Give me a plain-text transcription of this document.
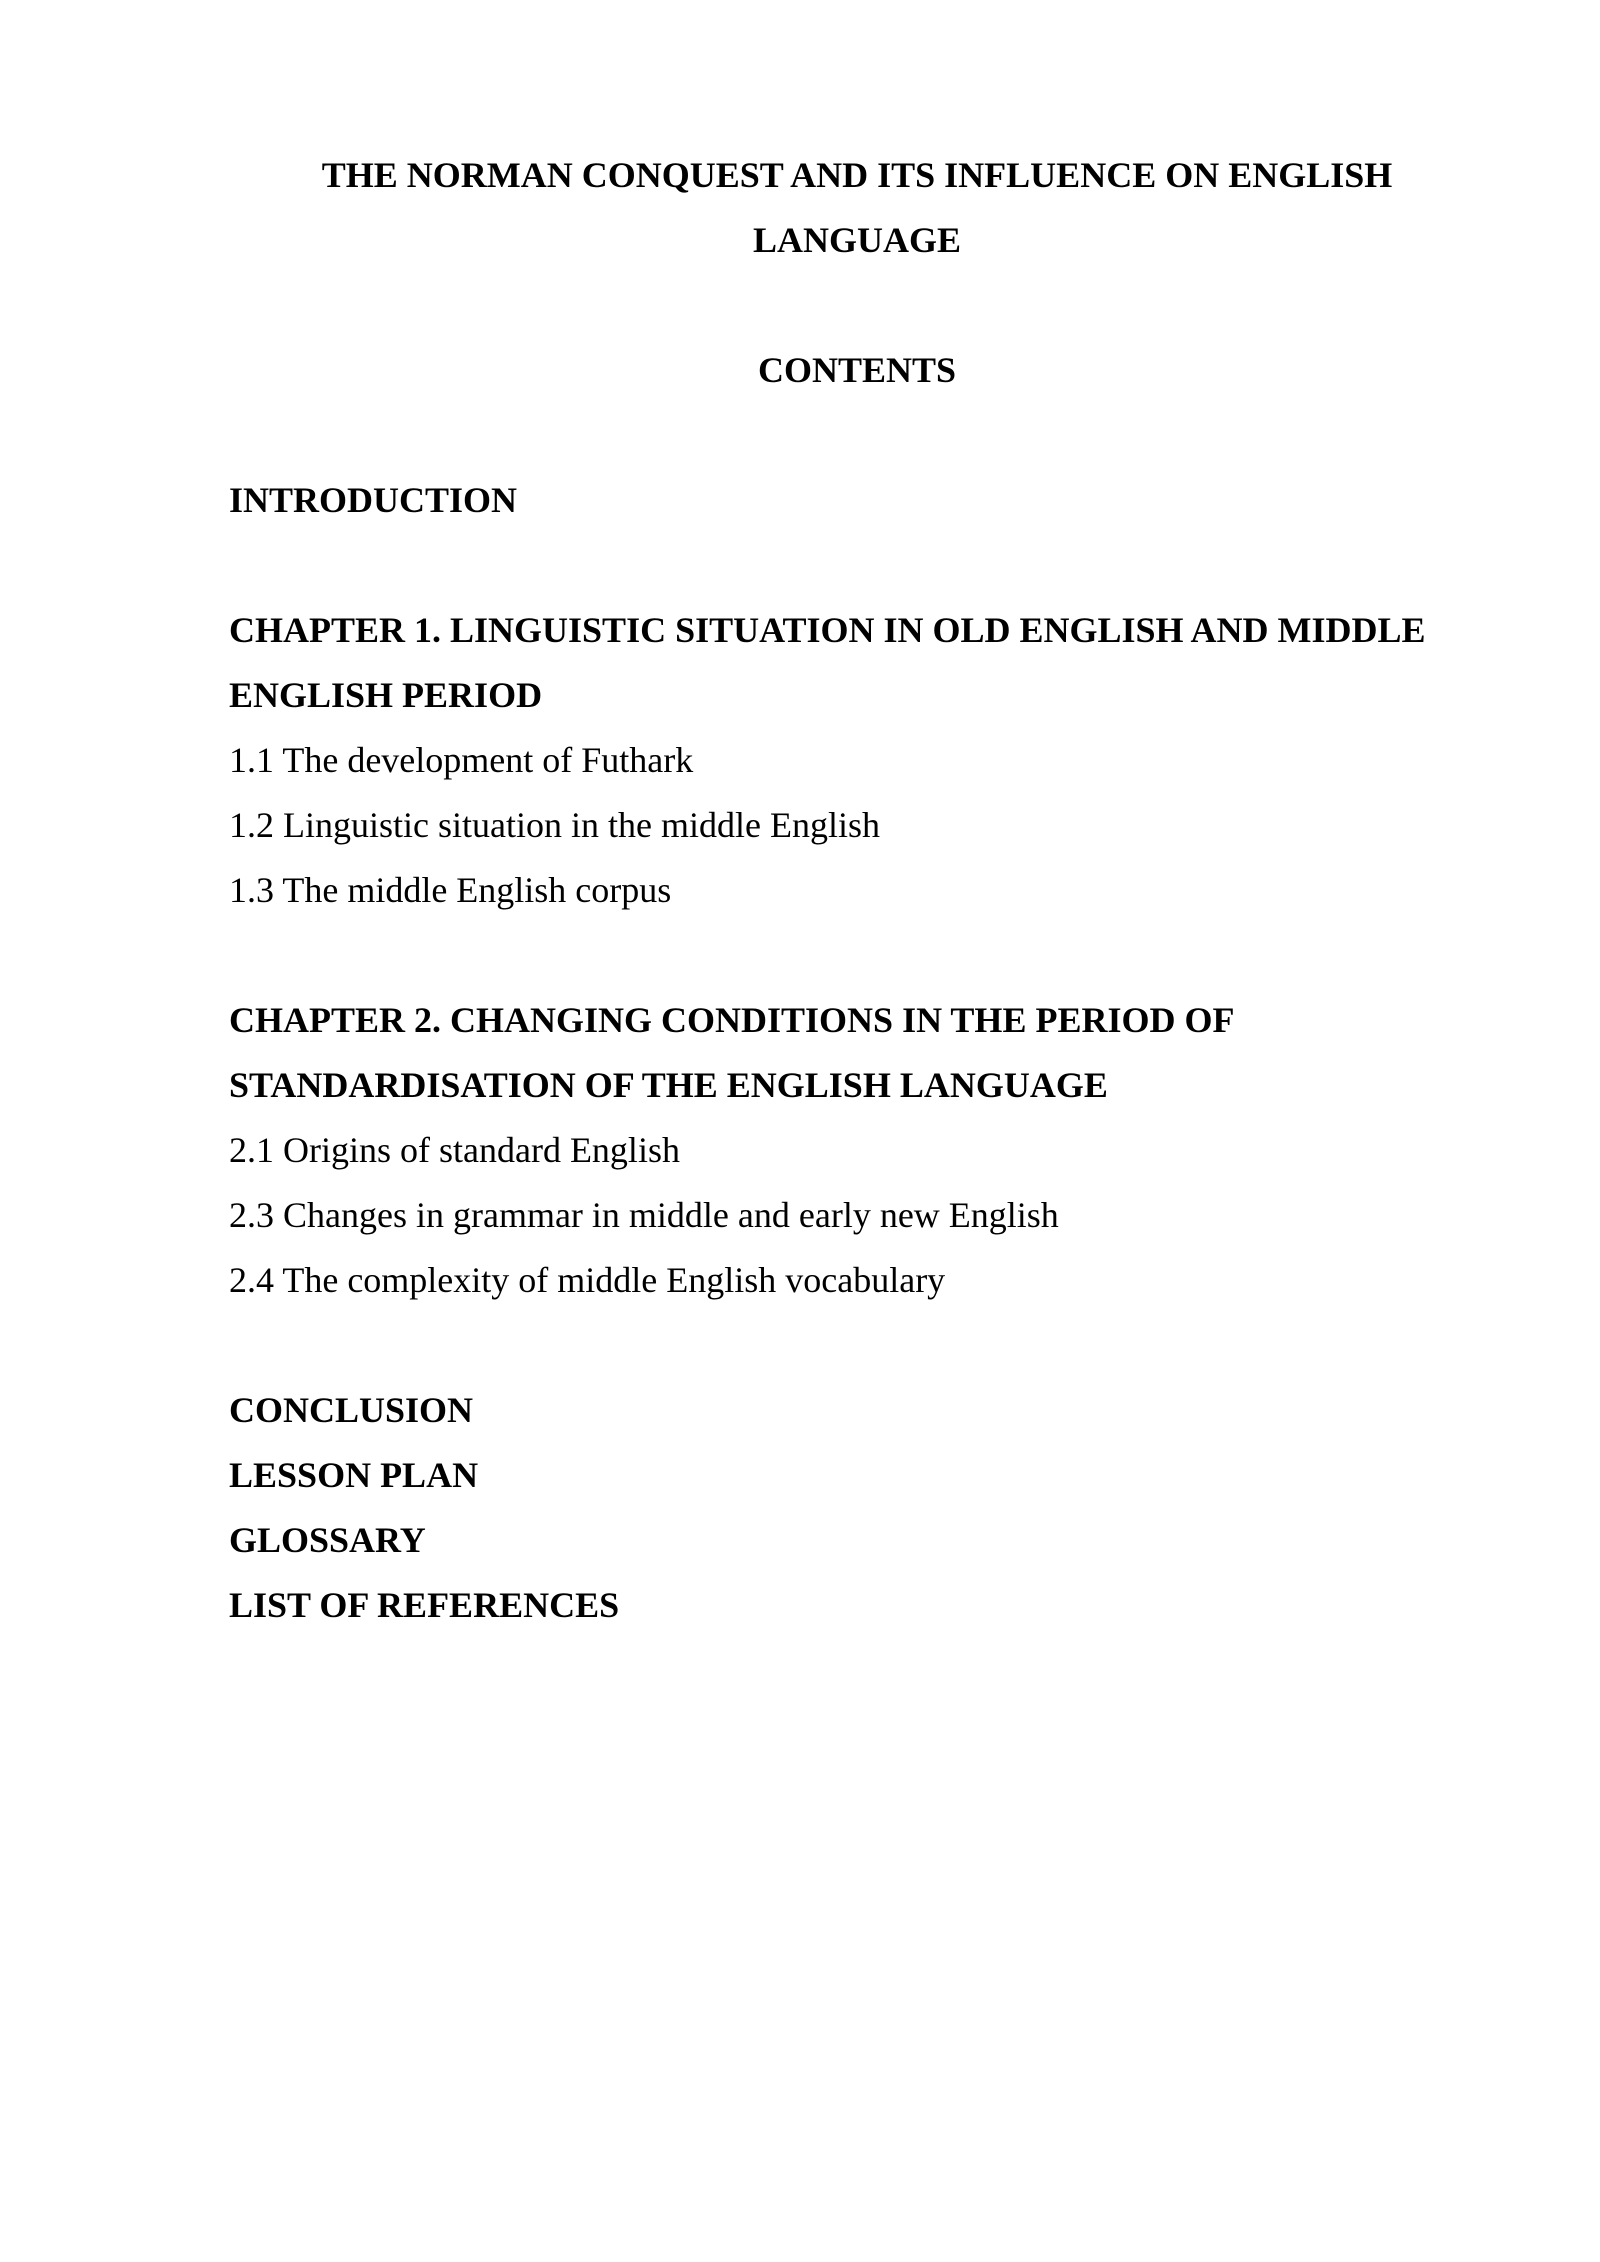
THE NORMAN CONQUEST AND ITS INFLUENCE ON ENGLISH
LANGUAGE
CONTENTS
INTRODUCTION
CHAPTER 1. LINGUISTIC SITUATION IN OLD ENGLISH AND MIDDLE
ENGLISH PERIOD
1.1 The development of Futhark
1.2 Linguistic situation in the middle English
1.3 The middle English corpus
CHAPTER 2. CHANGING CONDITIONS IN THE PERIOD OF
STANDARDISATION OF THE ENGLISH LANGUAGE
2.1 Origins of standard English
2.3 Changes in grammar in middle and early new English
2.4 The complexity of middle English vocabulary
CONCLUSION
LESSON PLAN
GLOSSARY
LIST OF REFERENCES
